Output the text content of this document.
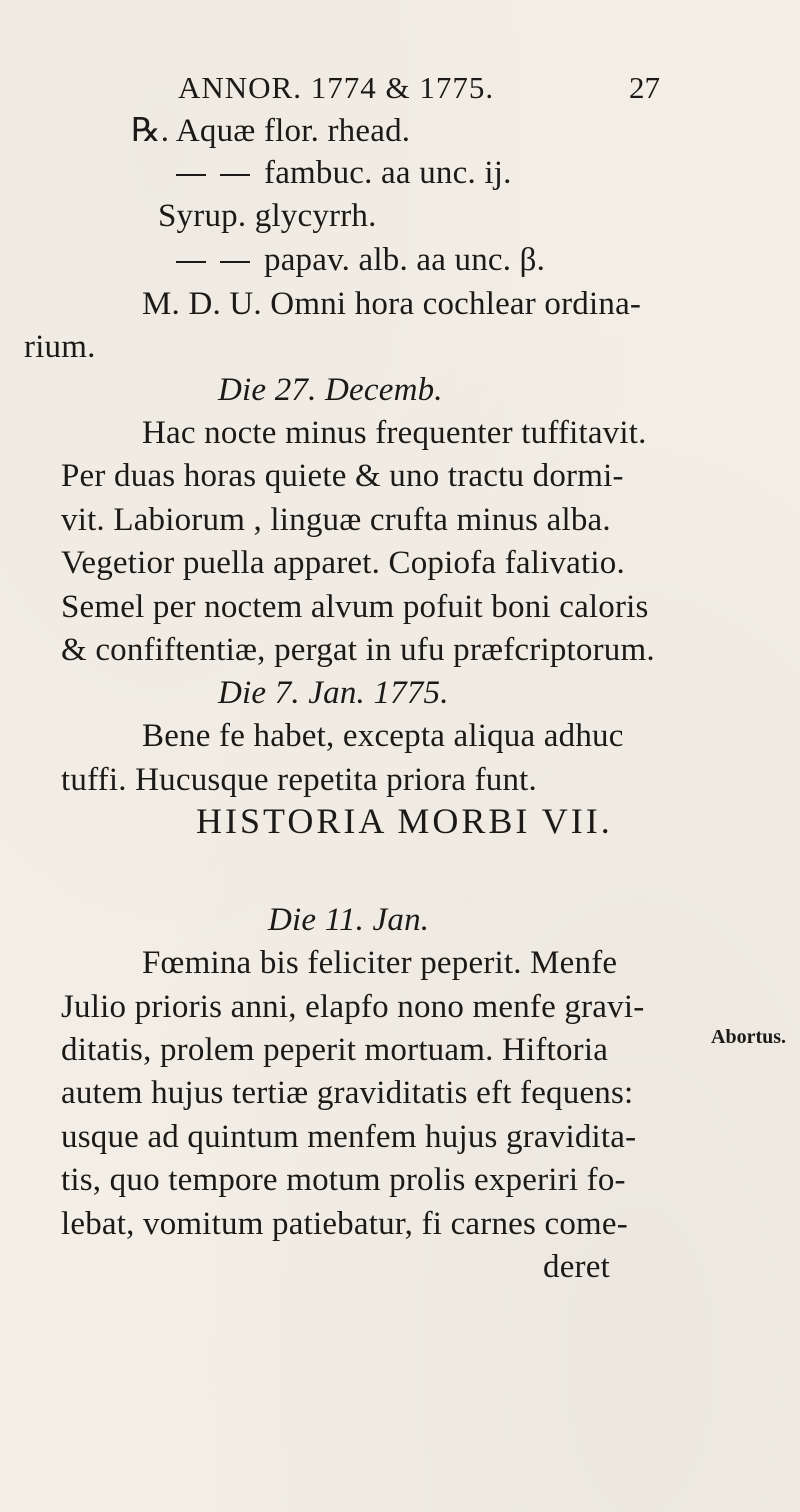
ANNOR. 1774 & 1775.	27
℞. Aquæ flor. rhead.
fambuc. aa unc. ij.
Syrup. glycyrrh.
papav. alb. aa unc. β.
M. D. U. Omni hora cochlear ordina-
rium.
Die 27. Decemb.
Hac nocte minus frequenter tuffitavit.
Per duas horas quiete & uno tractu dormi-
vit. Labiorum , linguæ crufta minus alba.
Vegetior puella apparet. Copiofa falivatio.
Semel per noctem alvum pofuit boni caloris
& confiftentiæ, pergat in ufu præfcriptorum.
Die 7. Jan. 1775.
Bene fe habet, excepta aliqua adhuc
tuffi. Hucusque repetita priora funt.
HISTORIA MORBI VII.
Die 11. Jan.
Fœmina bis feliciter peperit. Menfe
Julio prioris anni, elapfo nono menfe gravi-
ditatis, prolem peperit mortuam. Hiftoria
autem hujus tertiæ graviditatis eft fequens:
usque ad quintum menfem hujus gravidita-
tis, quo tempore motum prolis experiri fo-
lebat, vomitum patiebatur, fi carnes come-
deret
Abortus.
